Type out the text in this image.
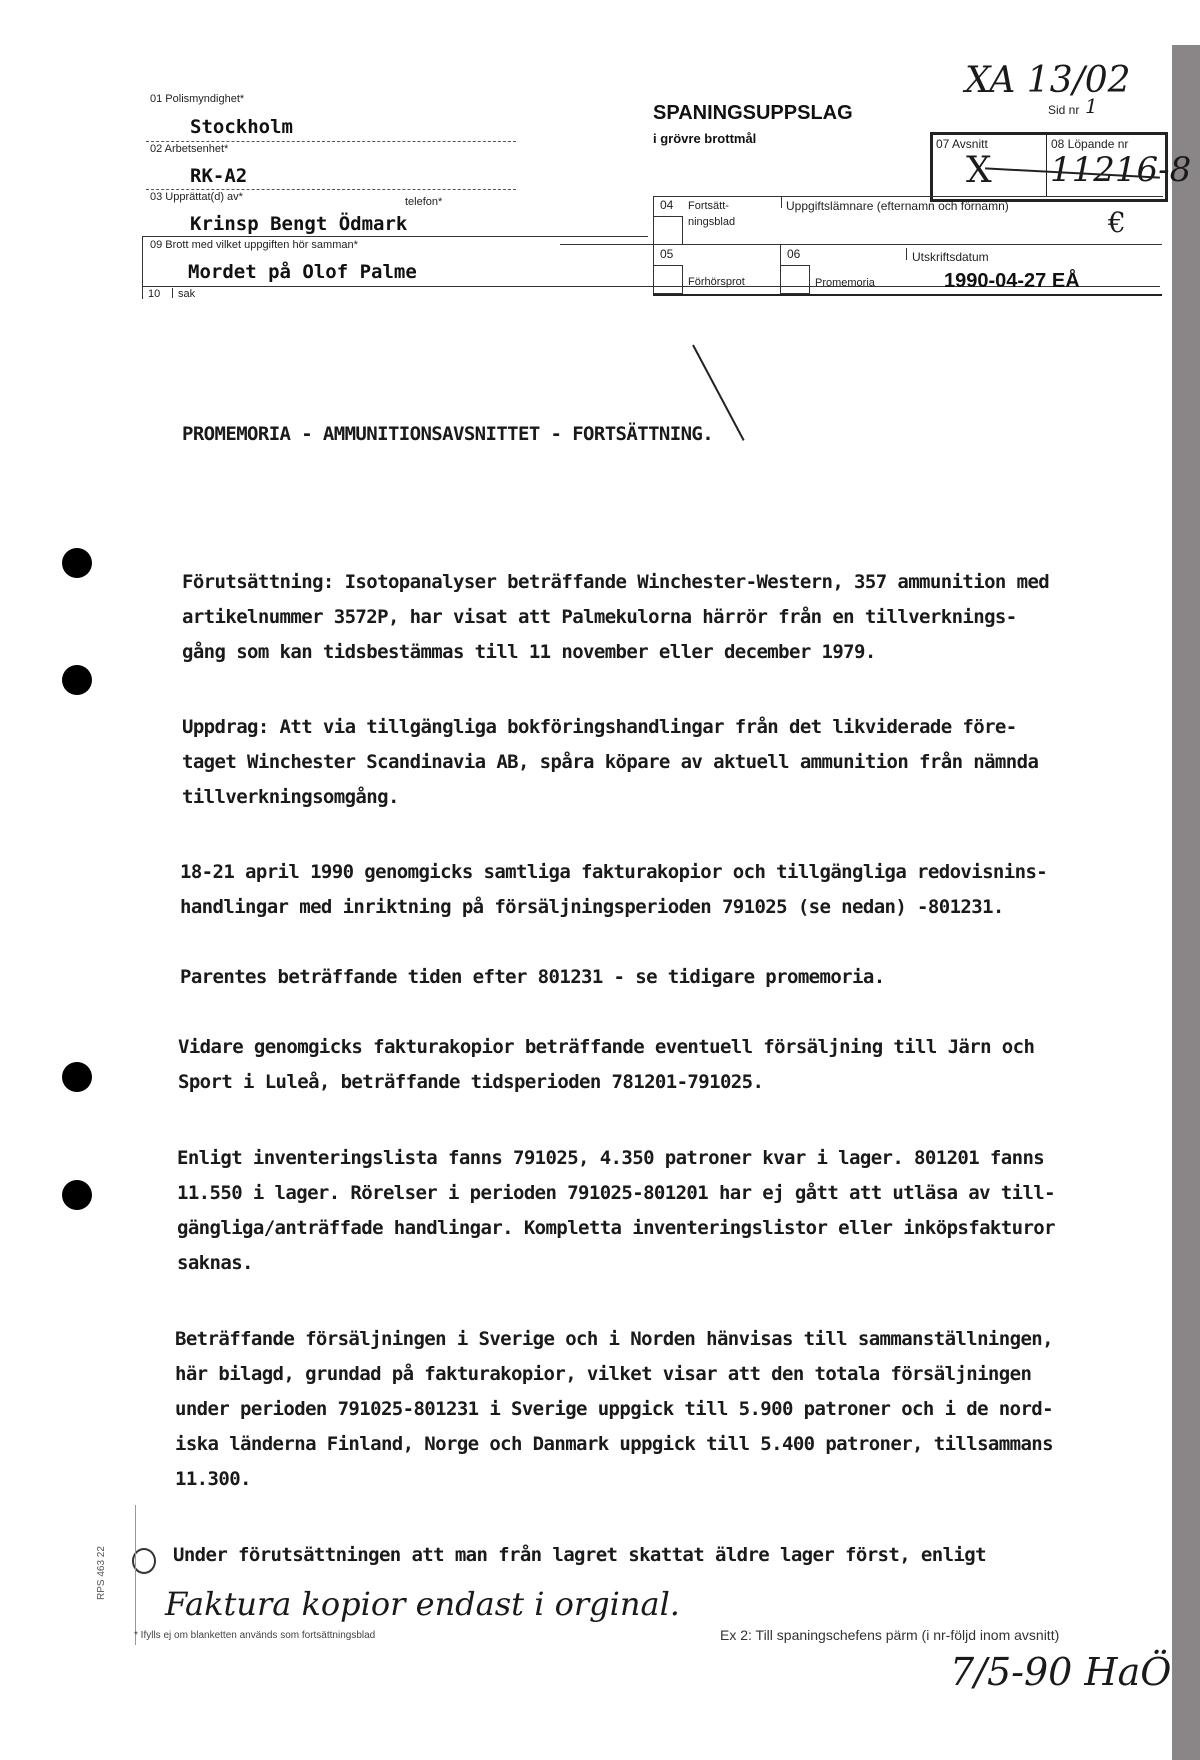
01 Polismyndighet*
Stockholm
02 Arbetsenhet*
RK-A2
03 Upprättat(d) av*	telefon*
Krinsp Bengt Ödmark
09 Brott med vilket uppgiften hör samman*
Mordet på Olof Palme
10 sak
SPANINGSUPPSLAG
i grövre brottmål
XA 13/02
Sid nr 1
07 Avsnitt
X
08 Löpande nr
11216-8
04 Fortsätt-
ningsblad
Uppgiftslämnare (efternamn och förnamn)	€
05
Förhörsprot
06
Promemoria
Utskriftsdatum
1990-04-27 EÅ
PROMEMORIA - AMMUNITIONSAVSNITTET - FORTSÄTTNING.
Förutsättning: Isotopanalyser beträffande Winchester-Western, 357 ammunition med
artikelnummer 3572P, har visat att Palmekulorna härrör från en tillverknings-
gång som kan tidsbestämmas till 11 november eller december 1979.
Uppdrag: Att via tillgängliga bokföringshandlingar från det likviderade före-
taget Winchester Scandinavia AB, spåra köpare av aktuell ammunition från nämnda
tillverkningsomgång.
18-21 april 1990 genomgicks samtliga fakturakopior och tillgängliga redovisnins-
handlingar med inriktning på försäljningsperioden 791025 (se nedan) -801231.
Parentes beträffande tiden efter 801231 - se tidigare promemoria.
Vidare genomgicks fakturakopior beträffande eventuell försäljning till Järn och
Sport i Luleå, beträffande tidsperioden 781201-791025.
Enligt inventeringslista fanns 791025, 4.350 patroner kvar i lager. 801201 fanns
11.550 i lager. Rörelser i perioden 791025-801201 har ej gått att utläsa av till-
gängliga/anträffade handlingar. Kompletta inventeringslistor eller inköpsfakturor
saknas.
Beträffande försäljningen i Sverige och i Norden hänvisas till sammanställningen,
här bilagd, grundad på fakturakopior, vilket visar att den totala försäljningen
under perioden 791025-801231 i Sverige uppgick till 5.900 patroner och i de nord-
iska länderna Finland, Norge och Danmark uppgick till 5.400 patroner, tillsammans
11.300.
Under förutsättningen att man från lagret skattat äldre lager först, enligt
Faktura kopior endast i orginal.
RPS 463 22
* Ifylls ej om blanketten används som fortsättningsblad	Ex 2: Till spaningschefens pärm (i nr-följd inom avsnitt)
7/5-90 HaÖ
